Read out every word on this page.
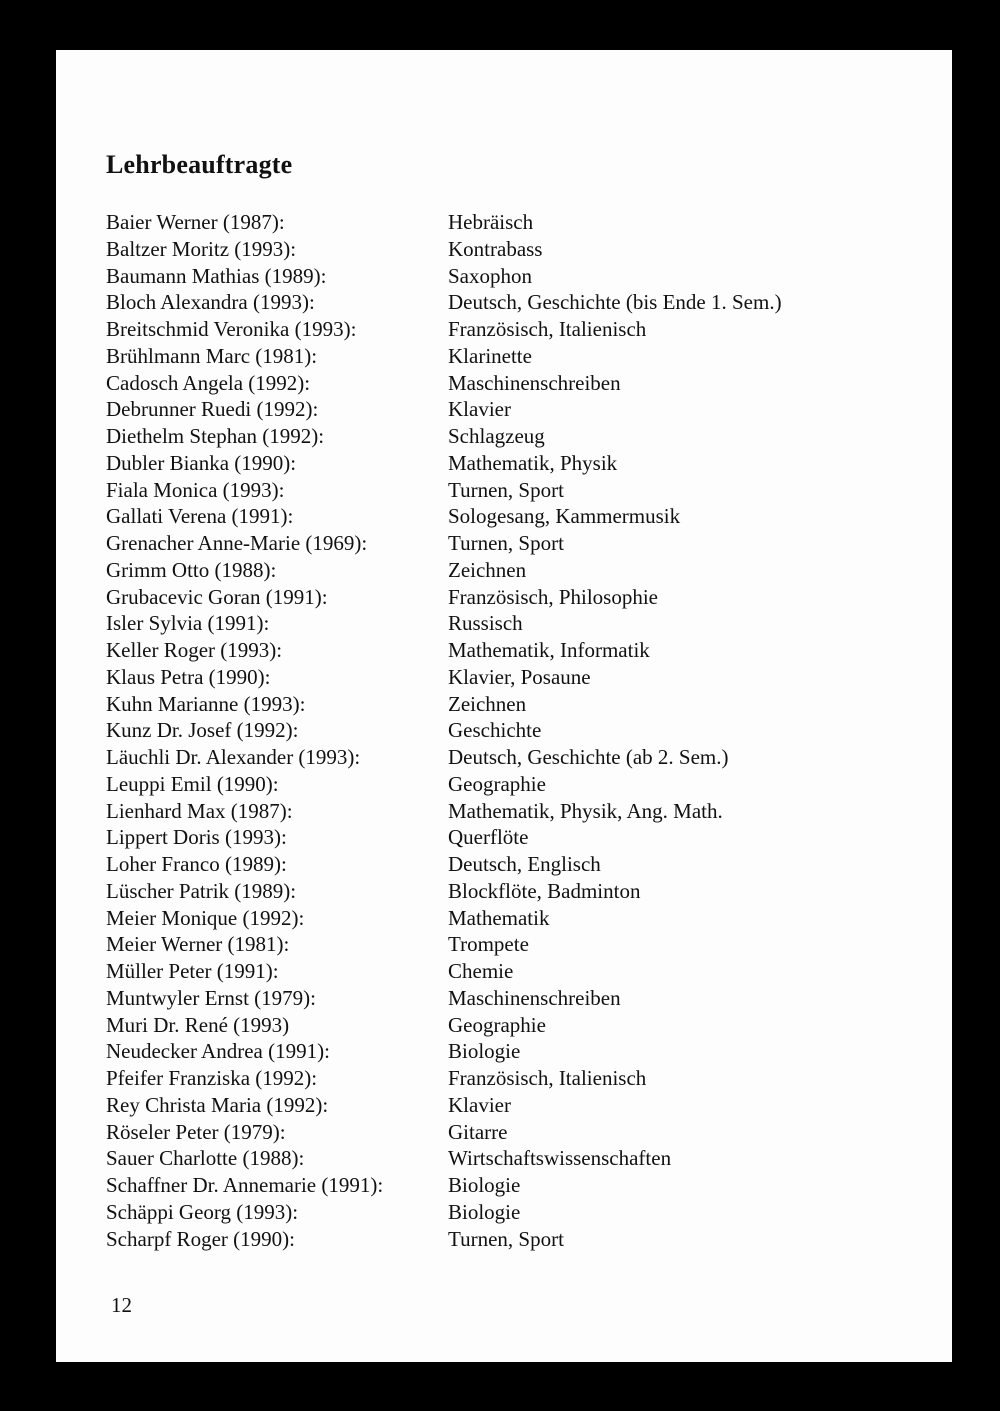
Lehrbeauftragte
Baier Werner (1987):	Hebräisch
Baltzer Moritz (1993):	Kontrabass
Baumann Mathias (1989):	Saxophon
Bloch Alexandra (1993):	Deutsch, Geschichte (bis Ende 1. Sem.)
Breitschmid Veronika (1993):	Französisch, Italienisch
Brühlmann Marc (1981):	Klarinette
Cadosch Angela (1992):	Maschinenschreiben
Debrunner Ruedi (1992):	Klavier
Diethelm Stephan (1992):	Schlagzeug
Dubler Bianka (1990):	Mathematik, Physik
Fiala Monica (1993):	Turnen, Sport
Gallati Verena (1991):	Sologesang, Kammermusik
Grenacher Anne-Marie (1969):	Turnen, Sport
Grimm Otto (1988):	Zeichnen
Grubacevic Goran (1991):	Französisch, Philosophie
Isler Sylvia (1991):	Russisch
Keller Roger (1993):	Mathematik, Informatik
Klaus Petra (1990):	Klavier, Posaune
Kuhn Marianne (1993):	Zeichnen
Kunz Dr. Josef (1992):	Geschichte
Läuchli Dr. Alexander (1993):	Deutsch, Geschichte (ab 2. Sem.)
Leuppi Emil (1990):	Geographie
Lienhard Max (1987):	Mathematik, Physik, Ang. Math.
Lippert Doris (1993):	Querflöte
Loher Franco (1989):	Deutsch, Englisch
Lüscher Patrik (1989):	Blockflöte, Badminton
Meier Monique (1992):	Mathematik
Meier Werner (1981):	Trompete
Müller Peter (1991):	Chemie
Muntwyler Ernst (1979):	Maschinenschreiben
Muri Dr. René (1993)	Geographie
Neudecker Andrea (1991):	Biologie
Pfeifer Franziska (1992):	Französisch, Italienisch
Rey Christa Maria (1992):	Klavier
Röseler Peter (1979):	Gitarre
Sauer Charlotte (1988):	Wirtschaftswissenschaften
Schaffner Dr. Annemarie (1991):	Biologie
Schäppi Georg (1993):	Biologie
Scharpf Roger (1990):	Turnen, Sport
12
